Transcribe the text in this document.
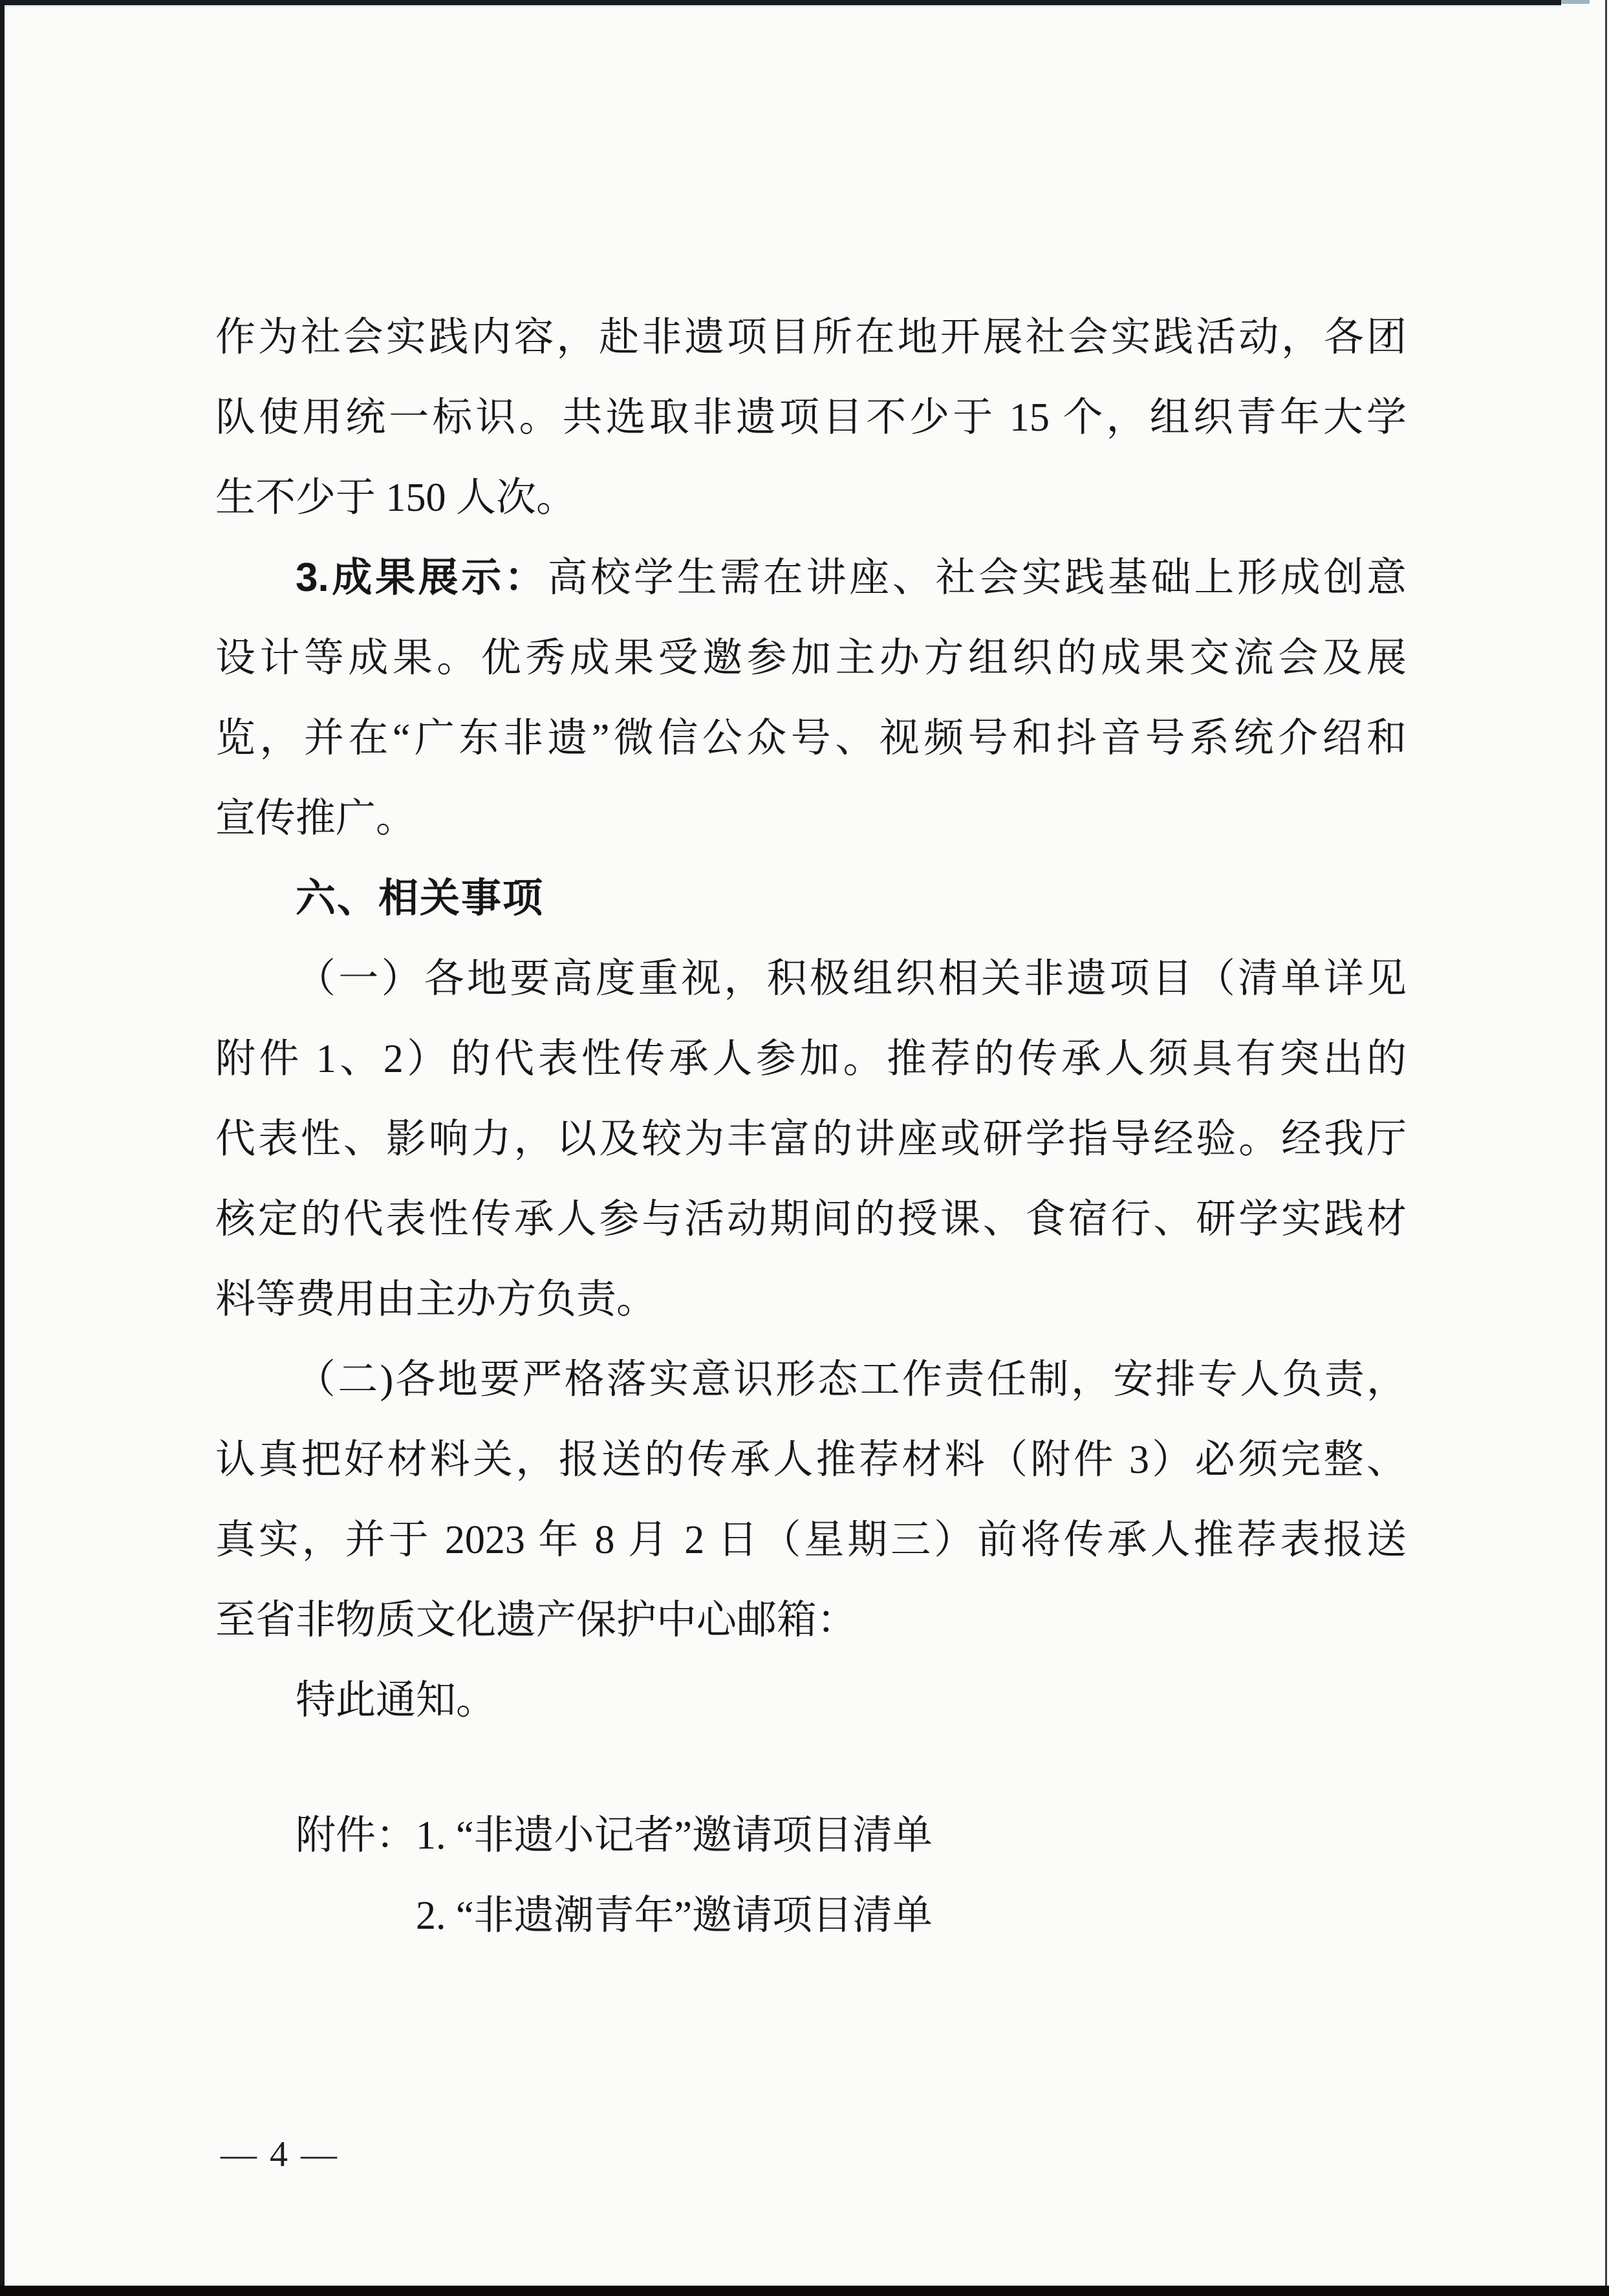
作为社会实践内容，赴非遗项目所在地开展社会实践活动，各团
队使用统一标识。共选取非遗项目不少于 15 个，组织青年大学
生不少于 150 人次。
3.成果展示：高校学生需在讲座、社会实践基础上形成创意
设计等成果。优秀成果受邀参加主办方组织的成果交流会及展
览，并在“广东非遗”微信公众号、视频号和抖音号系统介绍和
宣传推广。
六、相关事项
（一）各地要高度重视，积极组织相关非遗项目（清单详见
附件 1、2）的代表性传承人参加。推荐的传承人须具有突出的
代表性、影响力，以及较为丰富的讲座或研学指导经验。经我厅
核定的代表性传承人参与活动期间的授课、食宿行、研学实践材
料等费用由主办方负责。
（二)各地要严格落实意识形态工作责任制，安排专人负责，
认真把好材料关，报送的传承人推荐材料（附件 3）必须完整、
真实，并于 2023 年 8 月 2 日（星期三）前将传承人推荐表报送
至省非物质文化遗产保护中心邮箱：
特此通知。
附件：1. “非遗小记者”邀请项目清单
2. “非遗潮青年”邀请项目清单
— 4 —
